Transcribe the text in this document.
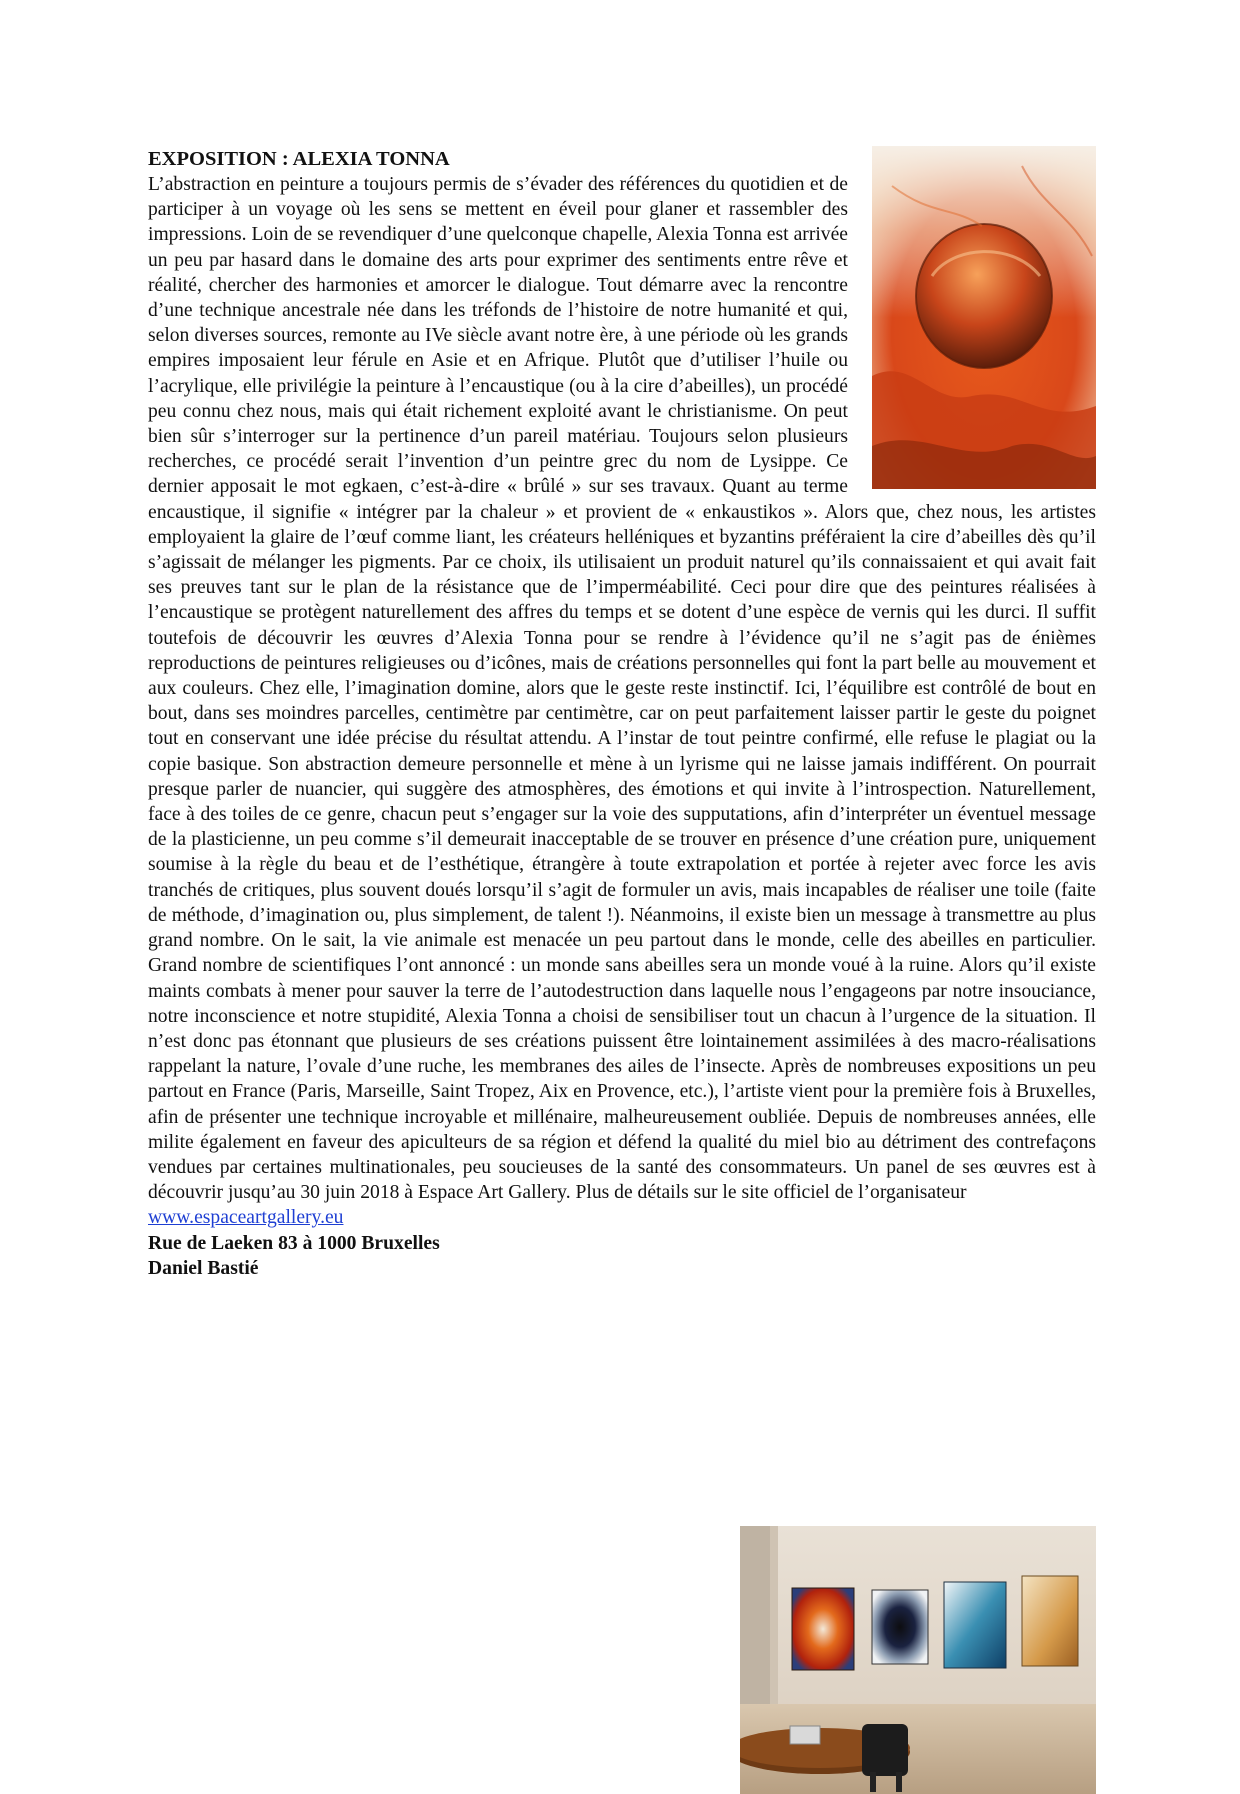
EXPOSITION : ALEXIA TONNA

L’abstraction en peinture a toujours permis de s’évader des références du quotidien et de participer à un voyage où les sens se mettent en éveil pour glaner et rassembler des impressions. Loin de se revendiquer d’une quelconque chapelle, Alexia Tonna est arrivée un peu par hasard dans le domaine des arts pour exprimer des sentiments entre rêve et réalité, chercher des harmonies et amorcer le dialogue. Tout démarre avec la rencontre d’une technique ancestrale née dans les tréfonds de l’histoire de notre humanité et qui, selon diverses sources, remonte au IVe siècle avant notre ère, à une période où les grands empires imposaient leur férule en Asie et en Afrique. Plutôt que d’utiliser l’huile ou l’acrylique, elle privilégie la peinture à l’encaustique (ou à la cire d’abeilles), un procédé peu connu chez nous, mais qui était richement exploité avant le christianisme. On peut bien sûr s’interroger sur la pertinence d’un pareil matériau. Toujours selon plusieurs recherches, ce procédé serait l’invention d’un peintre grec du nom de Lysippe. Ce dernier apposait le mot egkaen, c’est-à-dire « brûlé » sur ses travaux. Quant au terme encaustique, il signifie « intégrer par la chaleur » et provient de « enkaustikos ». Alors que, chez nous, les artistes employaient la glaire de l’œuf comme liant, les créateurs helléniques et byzantins préféraient la cire d’abeilles dès qu’il s’agissait de mélanger les pigments. Par ce choix, ils utilisaient un produit naturel qu’ils connaissaient et qui avait fait ses preuves tant sur le plan de la résistance que de l’imperméabilité. Ceci pour dire que des peintures réalisées à l’encaustique se protègent naturellement des affres du temps et se dotent d’une espèce de vernis qui les durci. Il suffit toutefois de découvrir les œuvres d’Alexia Tonna pour se rendre à l’évidence qu’il ne s’agit pas de énièmes reproductions de peintures religieuses ou d’icônes, mais de créations personnelles qui font la part belle au mouvement et aux couleurs. Chez elle, l’imagination domine, alors que le geste reste instinctif. Ici, l’équilibre est contrôlé de bout en bout, dans ses moindres parcelles, centimètre par centimètre, car on peut parfaitement laisser partir le geste du poignet tout en conservant une idée précise du résultat attendu. A l’instar de tout peintre confirmé, elle refuse le plagiat ou la copie basique. Son abstraction demeure personnelle et mène à un lyrisme qui ne laisse jamais indifférent. On pourrait presque parler de nuancier, qui suggère des atmosphères, des émotions et qui invite à l’introspection. Naturellement, face à des toiles de ce genre, chacun peut s’engager sur la voie des supputations, afin d’interpréter un éventuel message de la plasticienne, un peu comme s’il demeurait inacceptable de se trouver en présence d’une création pure, uniquement soumise à la règle du beau et de l’esthétique, étrangère à toute extrapolation et portée à rejeter avec force les avis tranchés de critiques, plus souvent doués lorsqu’il s’agit de formuler un avis, mais incapables de réaliser une toile (faite de méthode, d’imagination ou, plus simplement, de talent !). Néanmoins, il existe bien un message à transmettre au plus grand nombre. On le sait, la vie animale est menacée un peu partout dans le monde, celle des abeilles en particulier. Grand nombre de scientifiques l’ont annoncé : un monde sans abeilles sera un monde voué à la ruine. Alors qu’il existe maints combats à mener pour sauver la terre de l’autodestruction dans laquelle nous l’engageons par notre insouciance, notre inconscience et notre stupidité, Alexia Tonna a choisi de sensibiliser tout un chacun à l’urgence de la situation. Il n’est donc pas étonnant que plusieurs de ses créations puissent être lointainement assimilées à des macro-réalisations rappelant la nature, l’ovale d’une ruche, les membranes des ailes de l’insecte. Après de nombreuses expositions un peu partout en France (Paris, Marseille, Saint Tropez, Aix en Provence, etc.), l’artiste vient pour la première fois à Bruxelles, afin de présenter une technique incroyable et millénaire, malheureusement oubliée. Depuis de nombreuses années, elle milite également en faveur des apiculteurs de sa région et défend la qualité du miel bio au détriment des contrefaçons vendues par certaines multinationales, peu soucieuses de la santé des consommateurs. Un panel de ses œuvres est à découvrir jusqu’au 30 juin 2018 à Espace Art Gallery. Plus de détails sur le site officiel de l’organisateur

www.espaceartgallery.eu

Rue de Laeken 83 à 1000 Bruxelles

Daniel Bastié
